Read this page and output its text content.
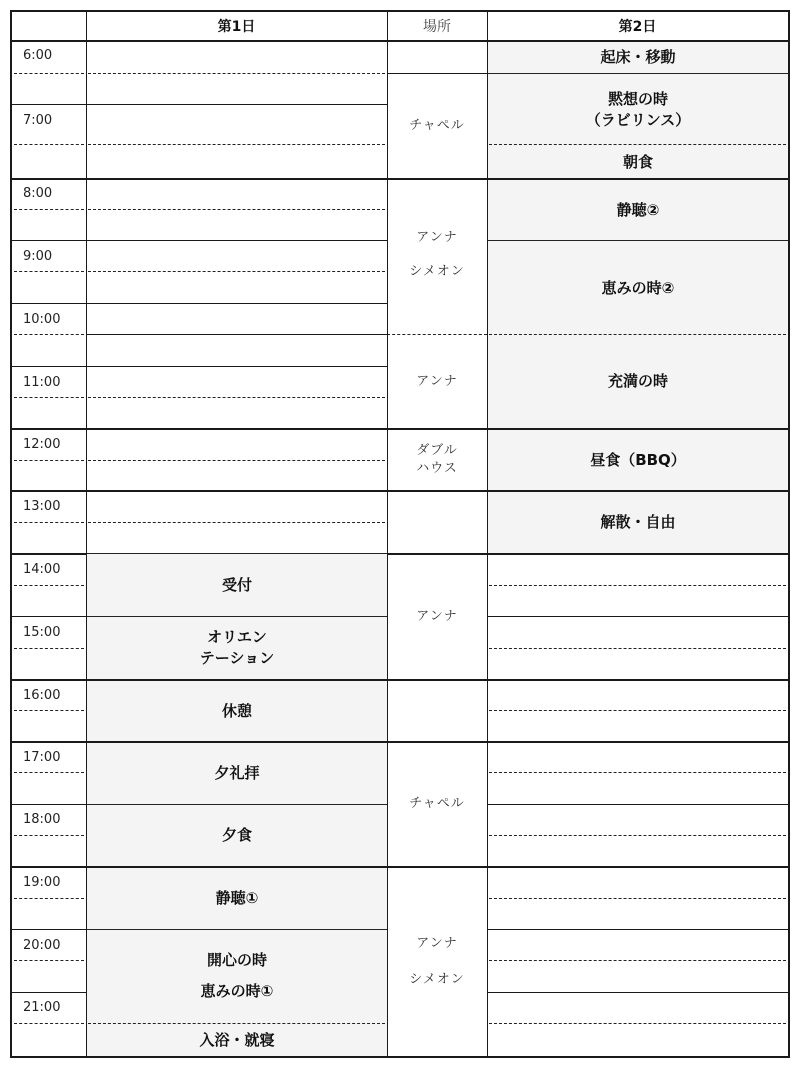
第1日	場所	第2日
6:00
7:00
8:00
9:00
10:00
11:00
12:00
13:00
14:00
15:00
16:00
17:00
18:00
19:00
20:00
21:00
受付
オリエン
テーション
休憩
夕礼拝
夕食
静聴①
開心の時
恵みの時①
入浴・就寝
チャペル
アンナ
シメオン
アンナ
ダブル
ハウス
アンナ
チャペル
アンナ
シメオン
起床・移動
黙想の時
（ラビリンス）
朝食
静聴②
恵みの時②
充満の時
昼食（BBQ）
解散・自由
